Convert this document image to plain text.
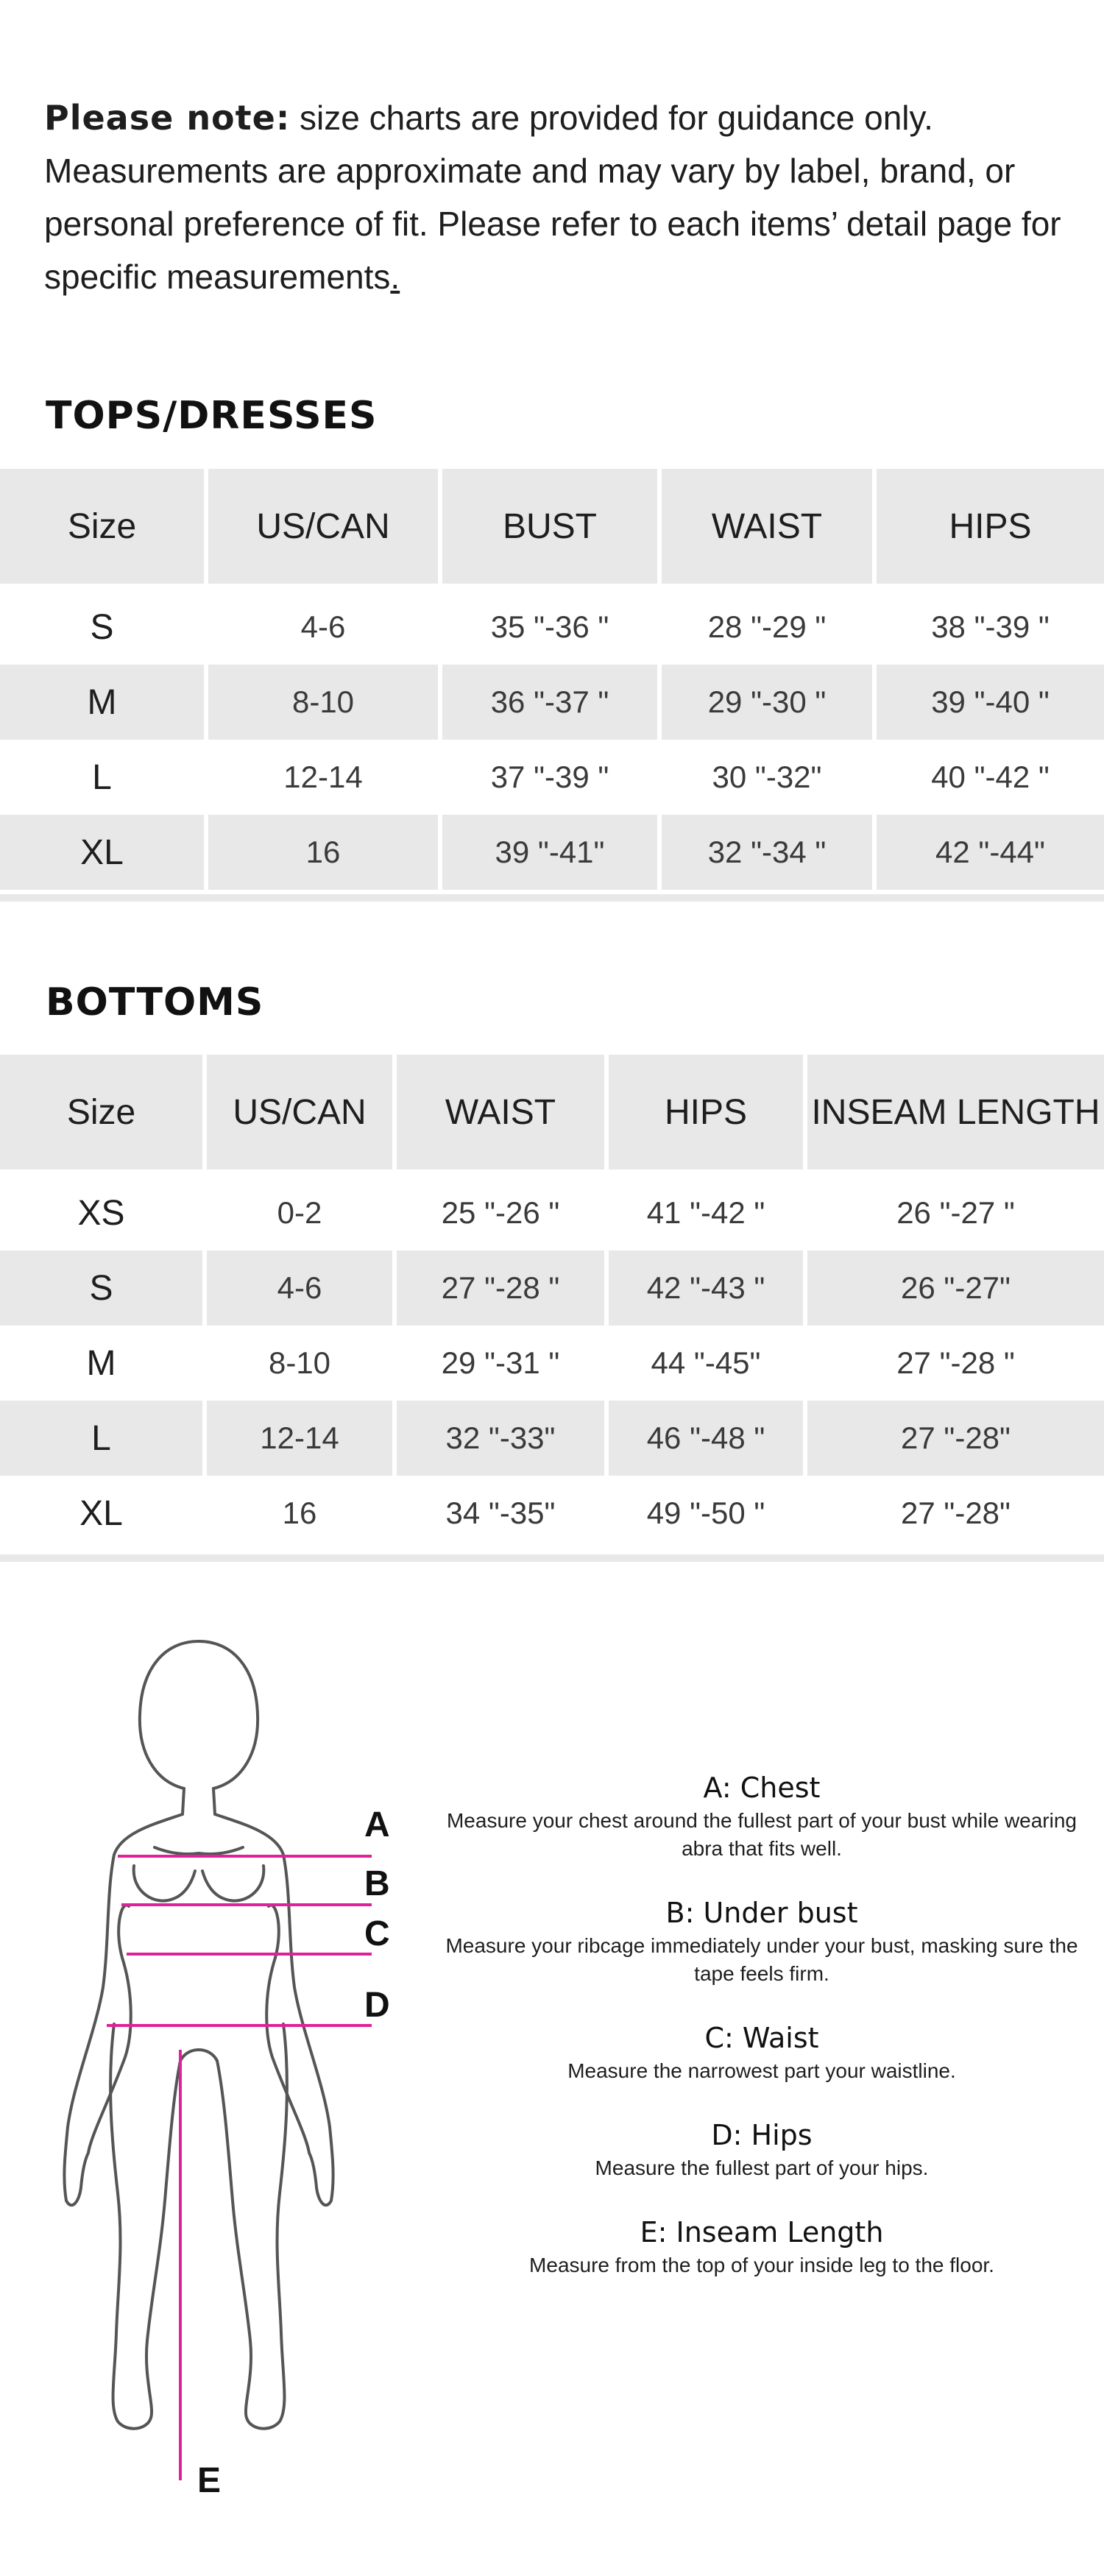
Please note: size charts are provided for guidance only. Measurements are approximate and may vary by label, brand, or personal preference of fit. Please refer to each items’ detail page for specific measurements.

TOPS/DRESSES
Size	US/CAN	BUST	WAIST	HIPS
S	4-6	35 "-36 "	28 "-29 "	38 "-39 "
M	8-10	36 "-37 "	29 "-30 "	39 "-40 "
L	12-14	37 "-39 "	30 "-32"	40 "-42 "
XL	16	39 "-41"	32 "-34 "	42 "-44"
BOTTOMS
Size	US/CAN	WAIST	HIPS	INSEAM LENGTH
XS	0-2	25 "-26 "	41 "-42 "	26 "-27 "
S	4-6	27 "-28 "	42 "-43 "	26 "-27"
M	8-10	29 "-31 "	44 "-45"	27 "-28 "
L	12-14	32 "-33"	46 "-48 "	27 "-28"
XL	16	34 "-35"	49 "-50 "	27 "-28"
A
B
C
D
E
A: Chest

Measure your chest around the fullest part of your bust while wearing abra that fits well.

B: Under bust

Measure your ribcage immediately under your bust, masking sure the tape feels firm.

C: Waist

Measure the narrowest part your waistline.

D: Hips

Measure the fullest part of your hips.

E: Inseam Length

Measure from the top of your inside leg to the floor.
